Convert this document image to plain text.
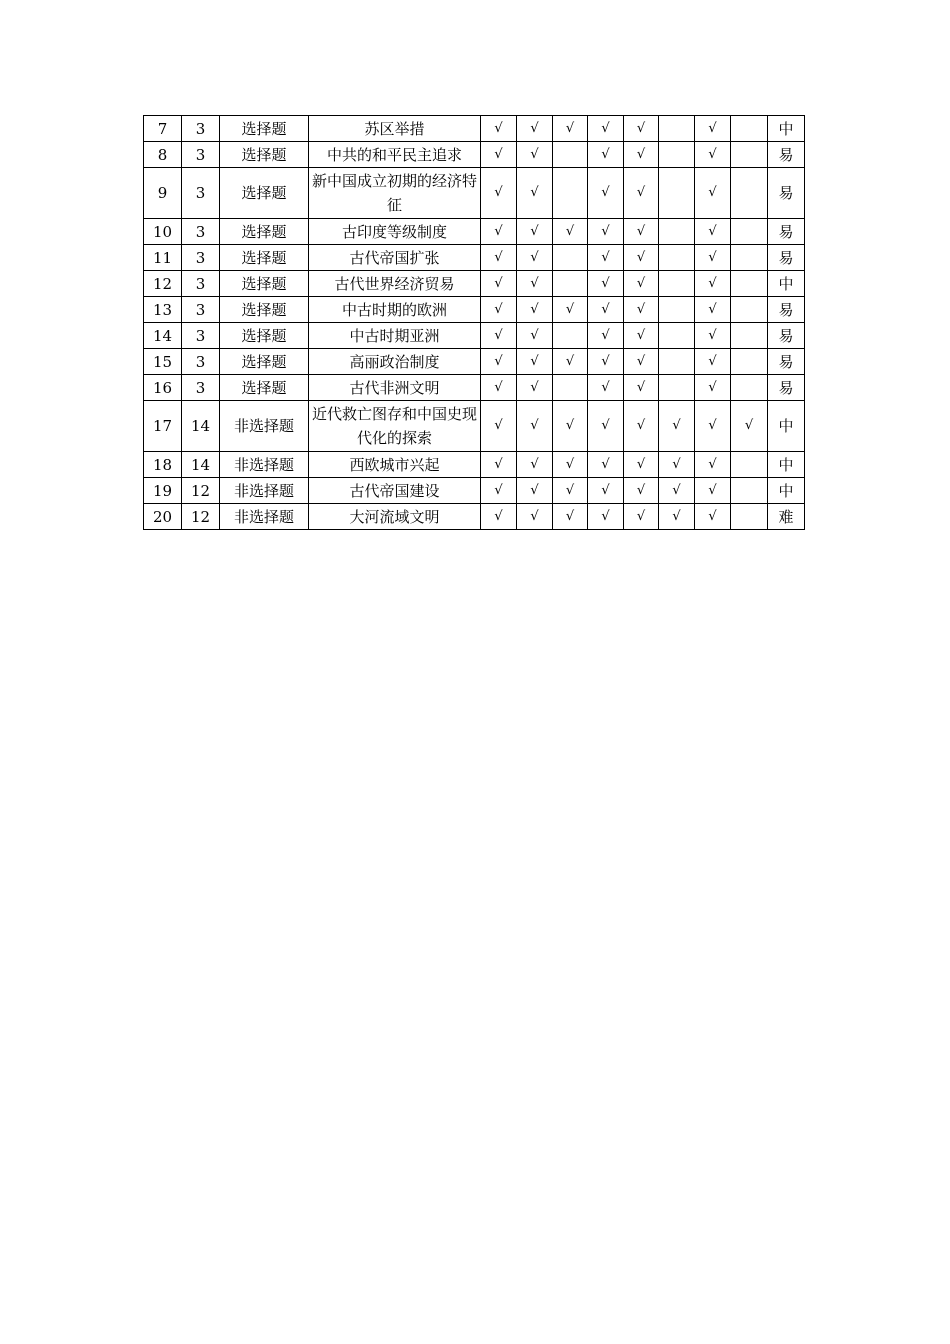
7	3	选择题	苏区举措	√	√	√	√	√		√		中
8	3	选择题	中共的和平民主追求	√	√		√	√		√		易
9	3	选择题	新中国成立初期的经济特征	√	√		√	√		√		易
10	3	选择题	古印度等级制度	√	√	√	√	√		√		易
11	3	选择题	古代帝国扩张	√	√		√	√		√		易
12	3	选择题	古代世界经济贸易	√	√		√	√		√		中
13	3	选择题	中古时期的欧洲	√	√	√	√	√		√		易
14	3	选择题	中古时期亚洲	√	√		√	√		√		易
15	3	选择题	高丽政治制度	√	√	√	√	√		√		易
16	3	选择题	古代非洲文明	√	√		√	√		√		易
17	14	非选择题	近代救亡图存和中国史现代化的探索	√	√	√	√	√	√	√	√	中
18	14	非选择题	西欧城市兴起	√	√	√	√	√	√	√		中
19	12	非选择题	古代帝国建设	√	√	√	√	√	√	√		中
20	12	非选择题	大河流域文明	√	√	√	√	√	√	√		难
